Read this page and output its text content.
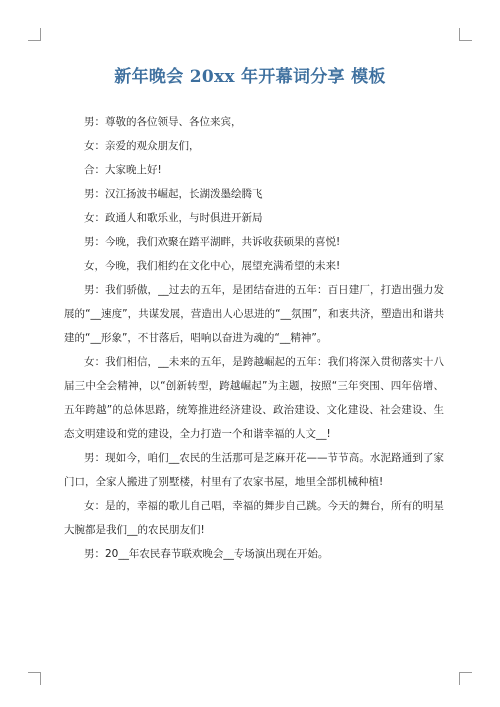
新年晚会 20xx 年开幕词分享 模板

男：尊敬的各位领导、各位来宾，

女：亲爱的观众朋友们，

合：大家晚上好!

男：汉江扬波书崛起，长湖泼墨绘腾飞

女：政通人和歌乐业，与时俱进开新局

男：今晚，我们欢聚在踏平湖畔，共诉收获硕果的喜悦!

女，今晚，我们相约在文化中心，展望充满希望的未来!

男：我们骄傲，__过去的五年，是团结奋进的五年：百日建厂，打造出强力发展的“__速度”，共谋发展，营造出人心思进的“__氛围”，和衷共济，塑造出和谐共建的“__形象”，不甘落后，唱响以奋进为魂的“__精神”。

女：我们相信，__未来的五年，是跨越崛起的五年：我们将深入贯彻落实十八届三中全会精神，以“创新转型，跨越崛起”为主题，按照“三年突围、四年倍增、五年跨越”的总体思路，统筹推进经济建设、政治建设、文化建设、社会建设、生态文明建设和党的建设，全力打造一个和谐幸福的人文__!

男：现如今，咱们__农民的生活那可是芝麻开花——节节高。水泥路通到了家门口，全家人搬进了别墅楼，村里有了农家书屋，地里全部机械种植!

女：是的，幸福的歌儿自己唱，幸福的舞步自己跳。今天的舞台，所有的明星大腕都是我们__的农民朋友们!

男：20__年农民春节联欢晚会__专场演出现在开始。
